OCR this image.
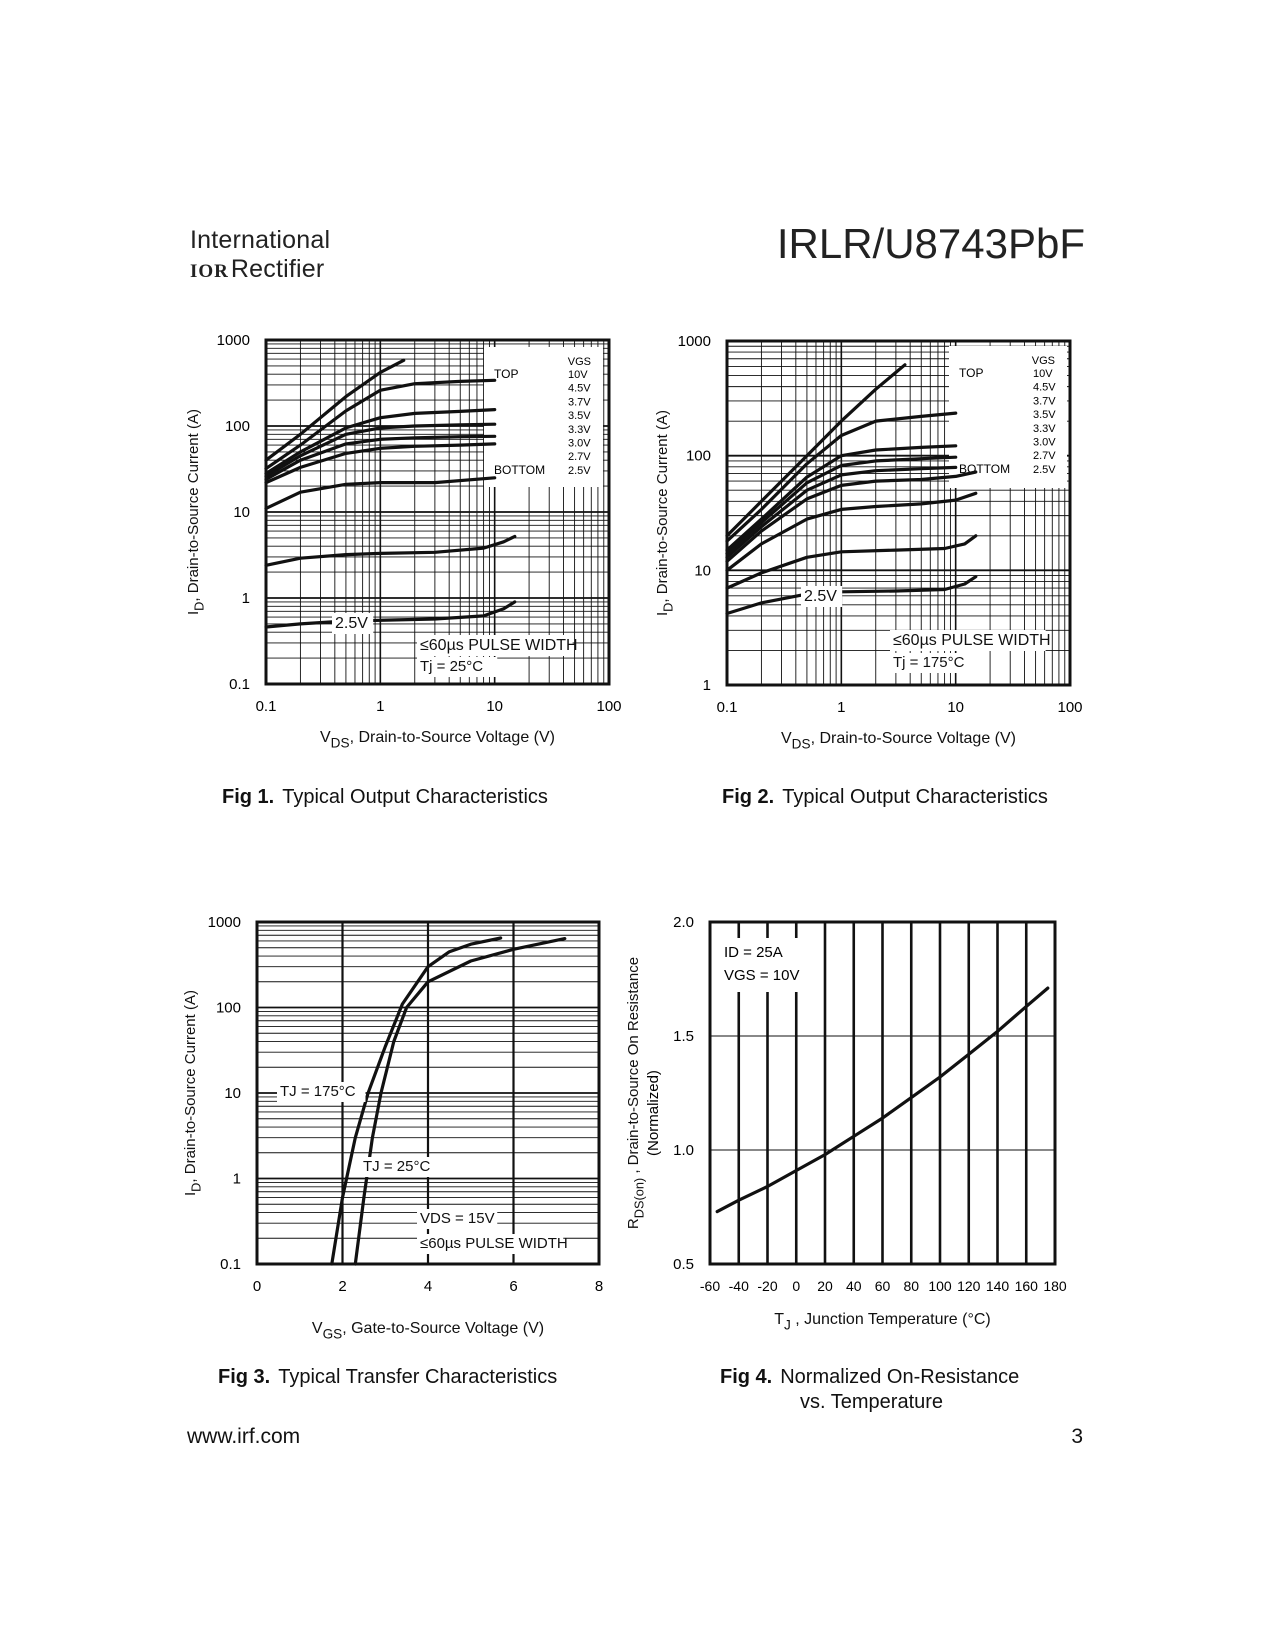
International
IORRectifier
IRLR/U8743PbF
VGS
TOP
BOTTOM
10V
4.5V
3.7V
3.5V
3.3V
3.0V
2.7V
2.5V
0.1	1	10	100
0.1
1
10
100
1000
$V_{DS}$, Drain-to-Source Voltage (V)
$I_D$, Drain-to-Source Current (A)
2.5V
≤60µs PULSE WIDTH
Tj = 25°C
VGS
TOP
BOTTOM
10V
4.5V
3.7V
3.5V
3.3V
3.0V
2.7V
2.5V
0.1	1	10	100
1
10
100
1000
$V_{DS}$, Drain-to-Source Voltage (V)
$I_D$, Drain-to-Source Current (A)	2.5V
≤60µs PULSE WIDTH
Tj = 175°C
0	2	4	6	8
0.1
1
10
100
1000
$V_{GS}$, Gate-to-Source Voltage (V)
$I_D$, Drain-to-Source Current (A)	TJ = 175°C
TJ = 25°C
VDS = 15V
≤60µs PULSE WIDTH
-60 -40 -20 0 20 40 60 80 100 120 140 160 180
0.5
1.0
1.5
2.0
$T_J$ , Junction Temperature (°C)
$R_{DS(on)}$ , Drain-to-Source On Resistance (Normalized)
ID = 25A
VGS = 10V
Fig 1. Typical Output Characteristics	Fig 2. Typical Output Characteristics
Fig 3. Typical Transfer Characteristics	Fig 4. Normalized On-Resistance
vs. Temperature
www.irf.com	3
